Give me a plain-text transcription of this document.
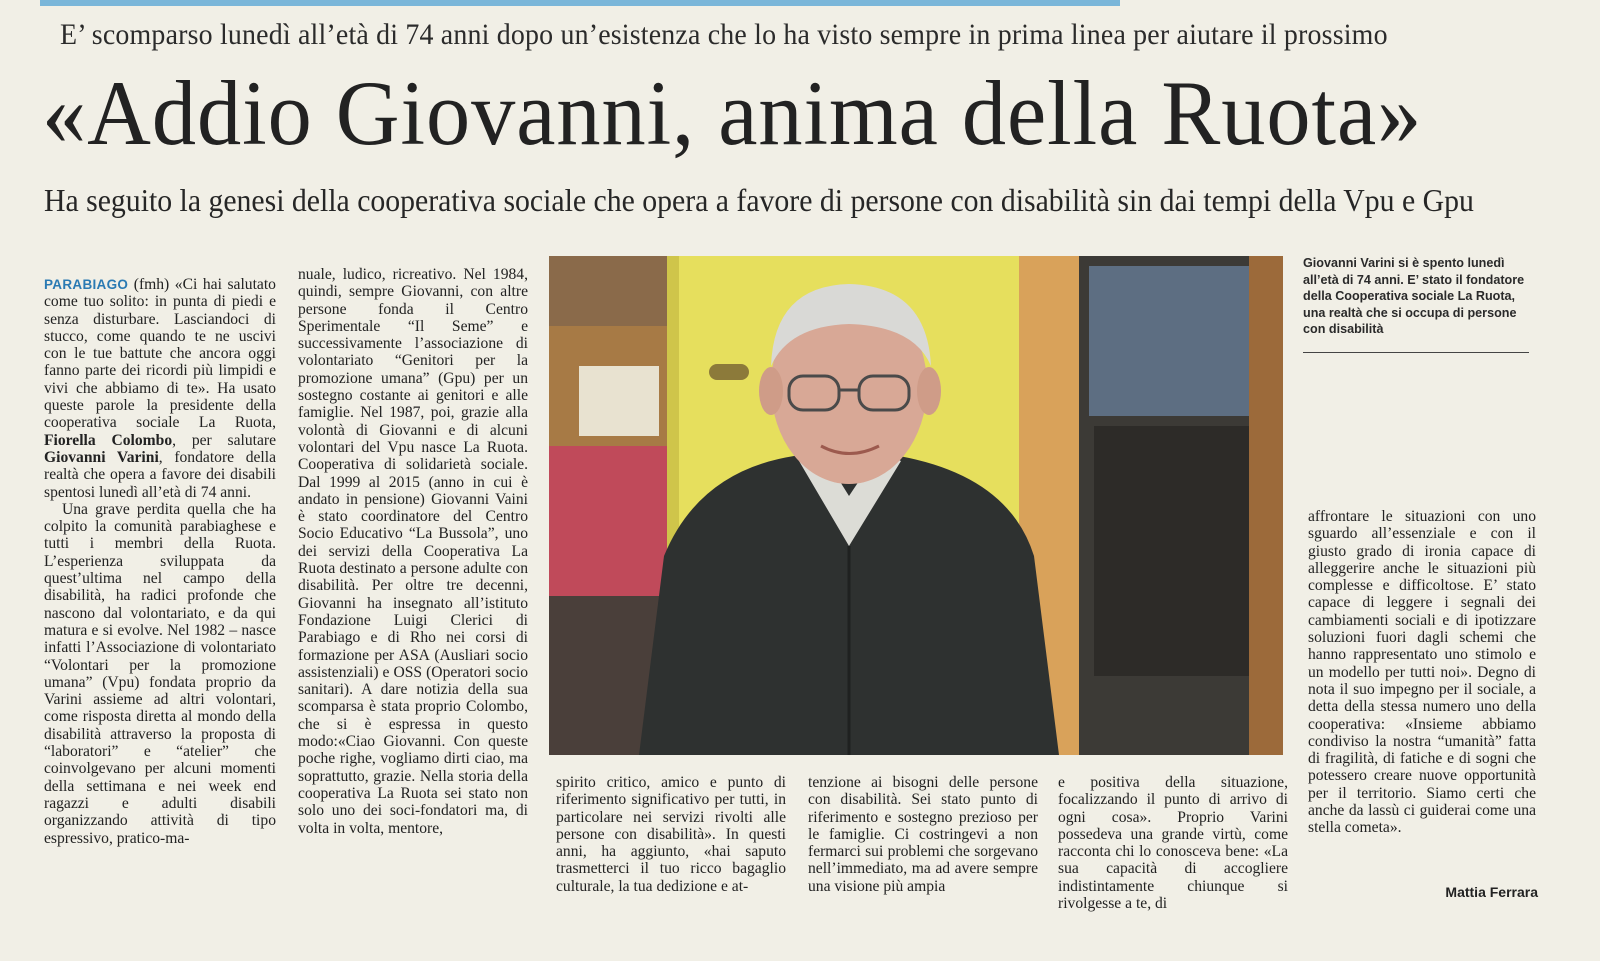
E’ scomparso lunedì all’età di 74 anni dopo un’esistenza che lo ha visto sempre in prima linea per aiutare il prossimo
«Addio Giovanni, anima della Ruota»
Ha seguito la genesi della cooperativa sociale che opera a favore di persone con disabilità sin dai tempi della Vpu e Gpu

PARABIAGO (fmh) «Ci hai salutato come tuo solito: in punta di piedi e senza disturbare. Lasciandoci di stucco, come quando te ne uscivi con le tue battute che ancora oggi fanno parte dei ricordi più limpidi e vivi che abbiamo di te». Ha usato queste parole la presidente della cooperativa sociale La Ruota, Fiorella Colombo, per salutare Giovanni Varini, fondatore della realtà che opera a favore dei disabili spentosi lunedì all’età di 74 anni.

Una grave perdita quella che ha colpito la comunità parabiaghese e tutti i membri della Ruota. L’esperienza sviluppata da quest’ultima nel campo della disabilità, ha radici profonde che nascono dal volontariato, e da qui matura e si evolve. Nel 1982 – nasce infatti l’Associazione di volontariato “Volontari per la promozione umana” (Vpu) fondata proprio da Varini assieme ad altri volontari, come risposta diretta al mondo della disabilità attraverso la proposta di “laboratori” e “atelier” che coinvolgevano per alcuni momenti della settimana e nei week end ragazzi e adulti disabili organizzando attività di tipo espressivo, pratico-ma-

nuale, ludico, ricreativo. Nel 1984, quindi, sempre Giovanni, con altre persone fonda il Centro Sperimentale “Il Seme” e successivamente l’associazione di volontariato “Genitori per la promozione umana” (Gpu) per un sostegno costante ai genitori e alle famiglie. Nel 1987, poi, grazie alla volontà di Giovanni e di alcuni volontari del Vpu nasce La Ruota. Cooperativa di solidarietà sociale. Dal 1999 al 2015 (anno in cui è andato in pensione) Giovanni Vaini è stato coordinatore del Centro Socio Educativo “La Bussola”, uno dei servizi della Cooperativa La Ruota destinato a persone adulte con disabilità. Per oltre tre decenni, Giovanni ha insegnato all’istituto Fondazione Luigi Clerici di Parabiago e di Rho nei corsi di formazione per ASA (Ausliari socio assistenziali) e OSS (Operatori socio sanitari). A dare notizia della sua scomparsa è stata proprio Colombo, che si è espressa in questo modo:«Ciao Giovanni. Con queste poche righe, vogliamo dirti ciao, ma soprattutto, grazie. Nella storia della cooperativa La Ruota sei stato non solo uno dei soci-fondatori ma, di volta in volta, mentore,

Giovanni Varini si è spento lunedì all’età di 74 anni. E’ stato il fondatore della Cooperativa sociale La Ruota, una realtà che si occupa di persone con disabilità

spirito critico, amico e punto di riferimento significativo per tutti, in particolare nei servizi rivolti alle persone con disabilità». In questi anni, ha aggiunto, «hai saputo trasmetterci il tuo ricco bagaglio culturale, la tua dedizione e at-

tenzione ai bisogni delle persone con disabilità. Sei stato punto di riferimento e sostegno prezioso per le famiglie. Ci costringevi a non fermarci sui problemi che sorgevano nell’immediato, ma ad avere sempre una visione più ampia

e positiva della situazione, focalizzando il punto di arrivo di ogni cosa». Proprio Varini possedeva una grande virtù, come racconta chi lo conosceva bene: «La sua capacità di accogliere indistintamente chiunque si rivolgesse a te, di

affrontare le situazioni con uno sguardo all’essenziale e con il giusto grado di ironia capace di alleggerire anche le situazioni più complesse e difficoltose. E’ stato capace di leggere i segnali dei cambiamenti sociali e di ipotizzare soluzioni fuori dagli schemi che hanno rappresentato uno stimolo e un modello per tutti noi». Degno di nota il suo impegno per il sociale, a detta della stessa numero uno della cooperativa: «Insieme abbiamo condiviso la nostra “umanità” fatta di fragilità, di fatiche e di sogni che potessero creare nuove opportunità per il territorio. Siamo certi che anche da lassù ci guiderai come una stella cometa».

Mattia Ferrara
